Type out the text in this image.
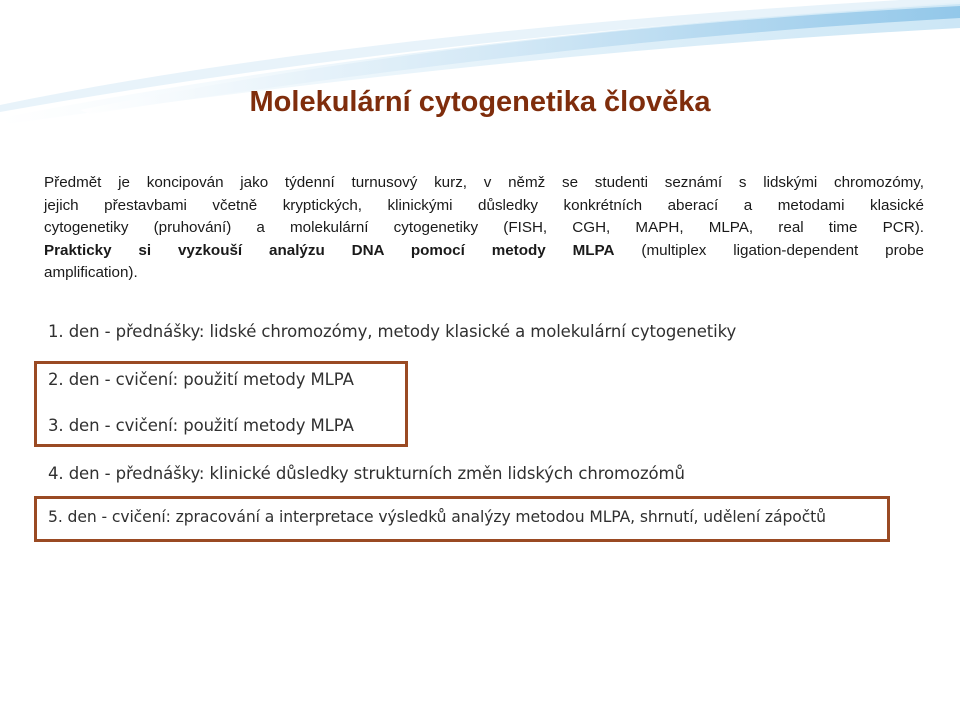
Molekulární cytogenetika člověka

Předmět je koncipován jako týdenní turnusový kurz, v němž se studenti seznámí s lidskými chromozómy,
jejich přestavbami včetně kryptických, klinickými důsledky konkrétních aberací a metodami klasické
cytogenetiky (pruhování) a molekulární cytogenetiky (FISH, CGH, MAPH, MLPA, real time PCR).
Prakticky si vyzkouší analýzu DNA pomocí metody MLPA (multiplex ligation-dependent probe
amplification).

1. den - přednášky: lidské chromozómy, metody klasické a molekulární cytogenetiky

2. den - cvičení: použití metody MLPA

3. den - cvičení: použití metody MLPA

4. den - přednášky: klinické důsledky strukturních změn lidských chromozómů

5. den - cvičení: zpracování a interpretace výsledků analýzy metodou MLPA, shrnutí, udělení zápočtů
